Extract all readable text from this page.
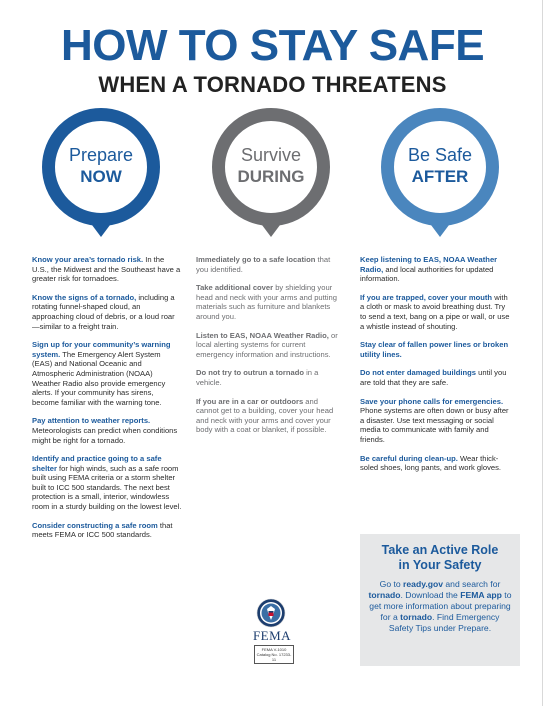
HOW TO STAY SAFE
WHEN A TORNADO THREATENS
Prepare
NOW
Survive
DURING
Be Safe
AFTER

Know your area’s tornado risk. In the U.S., the Midwest and the Southeast have a greater risk for tornadoes.

Know the signs of a tornado, including a rotating funnel-shaped cloud, an approaching cloud of debris, or a loud roar—similar to a freight train.

Sign up for your community’s warning system. The Emergency Alert System (EAS) and National Oceanic and Atmospheric Administration (NOAA) Weather Radio also provide emergency alerts. If your community has sirens, become familiar with the warning tone.

Pay attention to weather reports. Meteorologists can predict when conditions might be right for a tornado.

Identify and practice going to a safe shelter for high winds, such as a safe room built using FEMA criteria or a storm shelter built to ICC 500 standards. The next best protection is a small, interior, windowless room in a sturdy building on the lowest level.

Consider constructing a safe room that meets FEMA or ICC 500 standards.

Immediately go to a safe location that you identified.

Take additional cover by shielding your head and neck with your arms and putting materials such as furniture and blankets around you.

Listen to EAS, NOAA Weather Radio, or local alerting systems for current emergency information and instructions.

Do not try to outrun a tornado in a vehicle.

If you are in a car or outdoors and cannot get to a building, cover your head and neck with your arms and cover your body with a coat or blanket, if possible.

Keep listening to EAS, NOAA Weather Radio, and local authorities for updated information.

If you are trapped, cover your mouth with a cloth or mask to avoid breathing dust. Try to send a text, bang on a pipe or wall, or use a whistle instead of shouting.

Stay clear of fallen power lines or broken utility lines.

Do not enter damaged buildings until you are told that they are safe.

Save your phone calls for emergencies. Phone systems are often down or busy after a disaster. Use text messaging or social media to communicate with family and friends.

Be careful during clean-up. Wear thick-soled shoes, long pants, and work gloves.

Take an Active Role
in Your Safety
Go to ready.gov and search for tornado. Download the FEMA app to get more information about preparing for a tornado. Find Emergency Safety Tips under Prepare.
FEMA
FEMA V-1010
Catalog No. 17233-11
